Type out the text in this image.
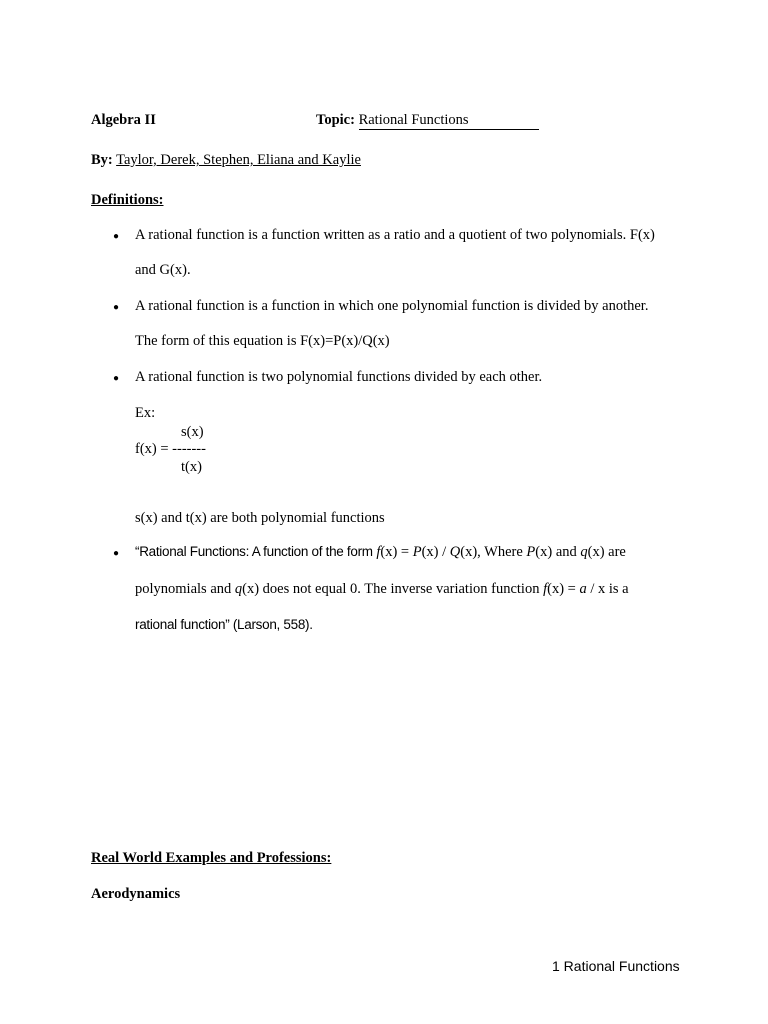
Algebra II	Topic: Rational Functions
By: Taylor, Derek, Stephen, Eliana and Kaylie
Definitions:
● A rational function is a function written as a ratio and a quotient of two polynomials. F(x)
and G(x).
● A rational function is a function in which one polynomial function is divided by another.
The form of this equation is F(x)=P(x)/Q(x)
● A rational function is two polynomial functions divided by each other.
Ex:
s(x)
f(x) = -------
t(x)
s(x) and t(x) are both polynomial functions
● “Rational Functions: A function of the form f(x) = P(x) / Q(x), Where P(x) and q(x) are
polynomials and q(x) does not equal 0. The inverse variation function f(x) = a / x is a
rational function” (Larson, 558).
Real World Examples and Professions:
Aerodynamics
1 Rational Functions
